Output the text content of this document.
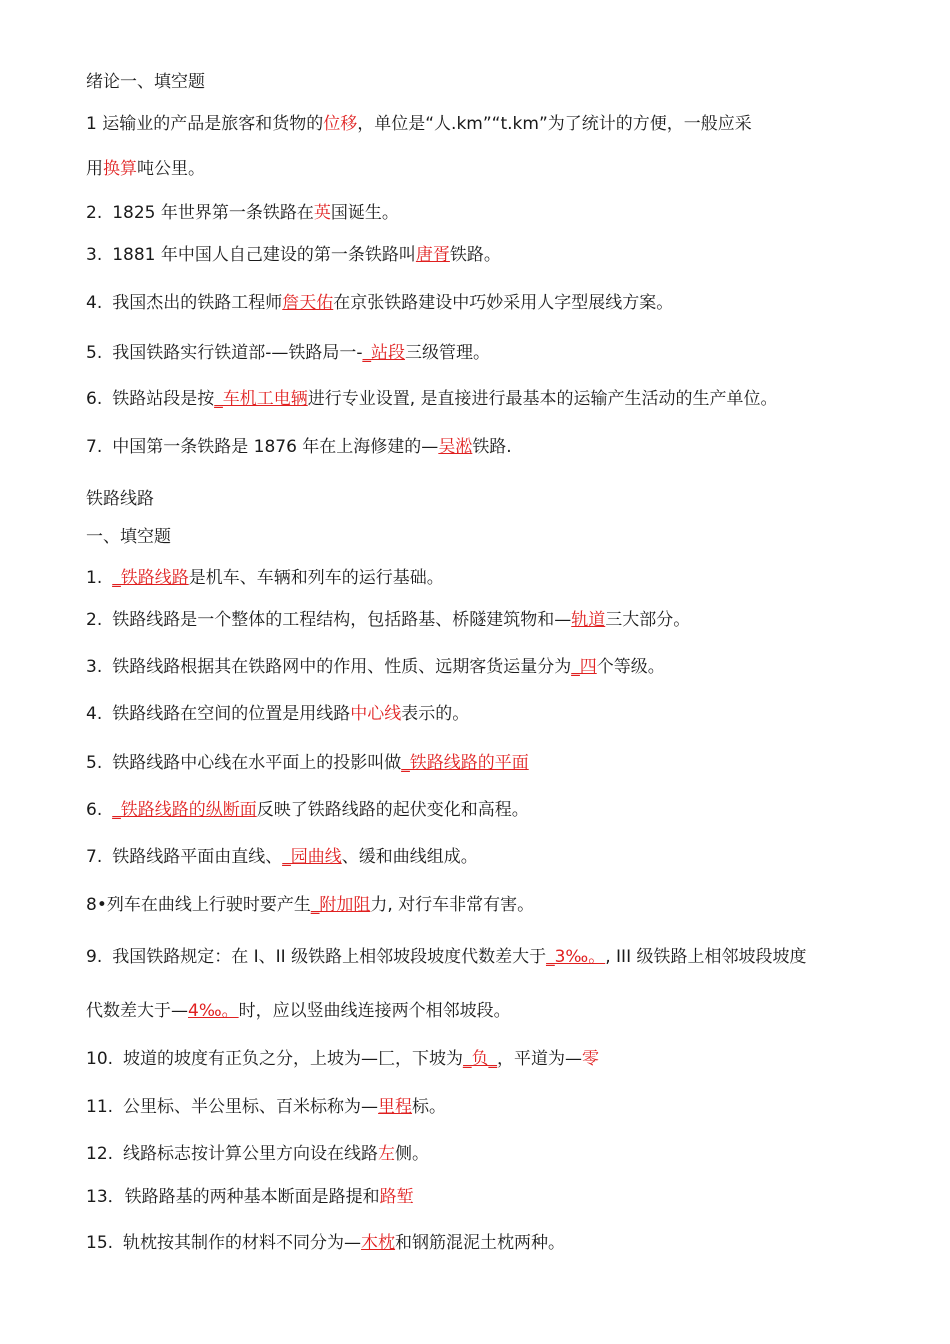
绪论一、填空题
1 运输业的产品是旅客和货物的位移，单位是“人.km”“t.km”为了统计的方便，一般应采
用换算吨公里。
2. 1825 年世界第一条铁路在英国诞生。
3. 1881 年中国人自己建设的第一条铁路叫唐胥铁路。
4. 我国杰出的铁路工程师詹天佑在京张铁路建设中巧妙采用人字型展线方案。
5. 我国铁路实行铁道部-—铁路局一-_站段三级管理。
6. 铁路站段是按_车机工电辆进行专业设置, 是直接进行最基本的运输产生活动的生产单位。
7. 中国第一条铁路是 1876 年在上海修建的—吴淞铁路.
铁路线路
一、填空题
1. _铁路线路是机车、车辆和列车的运行基础。
2. 铁路线路是一个整体的工程结构，包括路基、桥隧建筑物和—轨道三大部分。
3. 铁路线路根据其在铁路网中的作用、性质、远期客货运量分为_四个等级。
4. 铁路线路在空间的位置是用线路中心线表示的。
5. 铁路线路中心线在水平面上的投影叫做_铁路线路的平面
6. _铁路线路的纵断面反映了铁路线路的起伏变化和高程。
7. 铁路线路平面由直线、_园曲线、缓和曲线组成。
8•列车在曲线上行驶时要产生_附加阻力, 对行车非常有害。
9. 我国铁路规定：在 I、II 级铁路上相邻坡段坡度代数差大于_3‰。, III 级铁路上相邻坡段坡度
代数差大于—4‰。时，应以竖曲线连接两个相邻坡段。
10. 坡道的坡度有正负之分，上坡为—匚，下坡为_负_，平道为—零
11. 公里标、半公里标、百米标称为—里程标。
12. 线路标志按计算公里方向设在线路左侧。
13．铁路路基的两种基本断面是路提和路堑
15. 轨枕按其制作的材料不同分为—木枕和钢筋混泥土枕两种。
